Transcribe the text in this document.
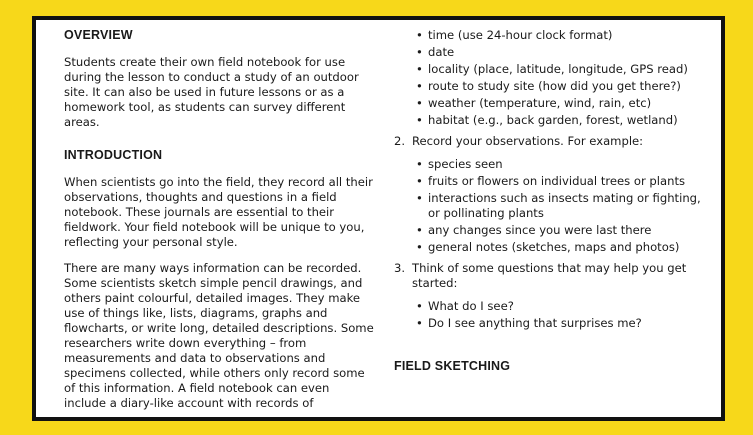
OVERVIEW
Students create their own field notebook for use during the lesson to conduct a study of an outdoor site. It can also be used in future lessons or as a homework tool, as students can survey different areas.
INTRODUCTION
When scientists go into the field, they record all their observations, thoughts and questions in a field notebook. These journals are essential to their fieldwork. Your field notebook will be unique to you, reflecting your personal style.
There are many ways information can be recorded. Some scientists sketch simple pencil drawings, and others paint colourful, detailed images. They make use of things like, lists, diagrams, graphs and flowcharts, or write long, detailed descriptions. Some researchers write down everything – from measurements and data to observations and specimens collected, while others only record some of this information. A field notebook can even include a diary-like account with records of
• time (use 24-hour clock format)
• date
• locality (place, latitude, longitude, GPS read)
• route to study site (how did you get there?)
• weather (temperature, wind, rain, etc)
• habitat (e.g., back garden, forest, wetland)
2. Record your observations. For example:
• species seen
• fruits or flowers on individual trees or plants
• interactions such as insects mating or fighting, or pollinating plants
• any changes since you were last there
• general notes (sketches, maps and photos)
3. Think of some questions that may help you get started:
• What do I see?
• Do I see anything that surprises me?
FIELD SKETCHING
